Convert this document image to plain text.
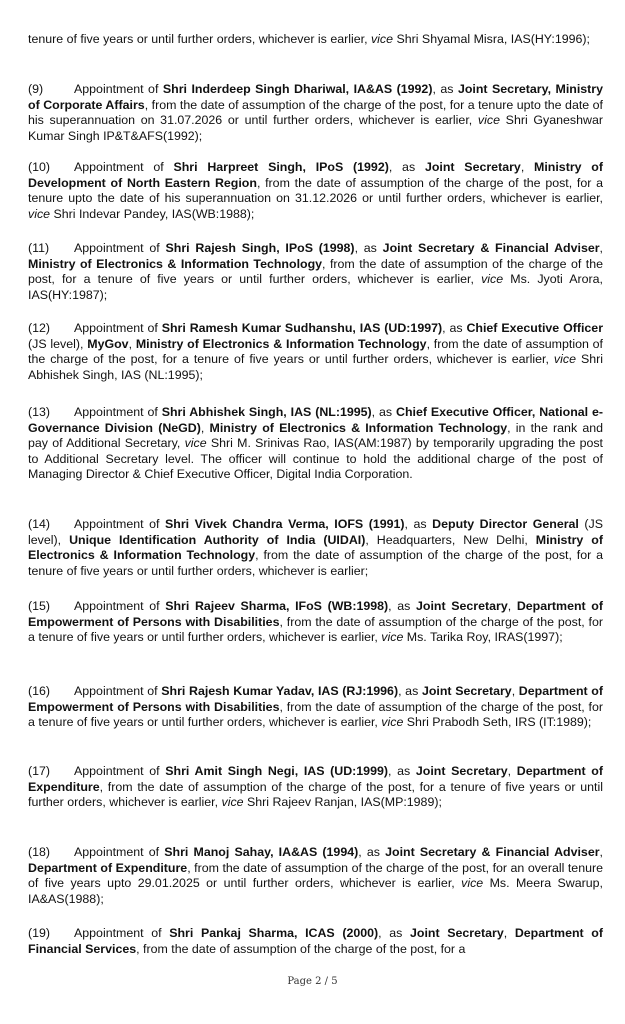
tenure of five years or until further orders, whichever is earlier, vice Shri Shyamal Misra, IAS(HY:1996);

(9) Appointment of Shri Inderdeep Singh Dhariwal, IA&AS (1992), as Joint Secretary, Ministry of Corporate Affairs, from the date of assumption of the charge of the post, for a tenure upto the date of his superannuation on 31.07.2026 or until further orders, whichever is earlier, vice Shri Gyaneshwar Kumar Singh IP&T&AFS(1992);

(10) Appointment of Shri Harpreet Singh, IPoS (1992), as Joint Secretary, Ministry of Development of North Eastern Region, from the date of assumption of the charge of the post, for a tenure upto the date of his superannuation on 31.12.2026 or until further orders, whichever is earlier, vice Shri Indevar Pandey, IAS(WB:1988);

(11) Appointment of Shri Rajesh Singh, IPoS (1998), as Joint Secretary & Financial Adviser, Ministry of Electronics & Information Technology, from the date of assumption of the charge of the post, for a tenure of five years or until further orders, whichever is earlier, vice Ms. Jyoti Arora, IAS(HY:1987);

(12) Appointment of Shri Ramesh Kumar Sudhanshu, IAS (UD:1997), as Chief Executive Officer (JS level), MyGov, Ministry of Electronics & Information Technology, from the date of assumption of the charge of the post, for a tenure of five years or until further orders, whichever is earlier, vice Shri Abhishek Singh, IAS (NL:1995);

(13) Appointment of Shri Abhishek Singh, IAS (NL:1995), as Chief Executive Officer, National e-Governance Division (NeGD), Ministry of Electronics & Information Technology, in the rank and pay of Additional Secretary, vice Shri M. Srinivas Rao, IAS(AM:1987) by temporarily upgrading the post to Additional Secretary level. The officer will continue to hold the additional charge of the post of Managing Director & Chief Executive Officer, Digital India Corporation.

(14) Appointment of Shri Vivek Chandra Verma, IOFS (1991), as Deputy Director General (JS level), Unique Identification Authority of India (UIDAI), Headquarters, New Delhi, Ministry of Electronics & Information Technology, from the date of assumption of the charge of the post, for a tenure of five years or until further orders, whichever is earlier;

(15) Appointment of Shri Rajeev Sharma, IFoS (WB:1998), as Joint Secretary, Department of Empowerment of Persons with Disabilities, from the date of assumption of the charge of the post, for a tenure of five years or until further orders, whichever is earlier, vice Ms. Tarika Roy, IRAS(1997);

(16) Appointment of Shri Rajesh Kumar Yadav, IAS (RJ:1996), as Joint Secretary, Department of Empowerment of Persons with Disabilities, from the date of assumption of the charge of the post, for a tenure of five years or until further orders, whichever is earlier, vice Shri Prabodh Seth, IRS (IT:1989);

(17) Appointment of Shri Amit Singh Negi, IAS (UD:1999), as Joint Secretary, Department of Expenditure, from the date of assumption of the charge of the post, for a tenure of five years or until further orders, whichever is earlier, vice Shri Rajeev Ranjan, IAS(MP:1989);

(18) Appointment of Shri Manoj Sahay, IA&AS (1994), as Joint Secretary & Financial Adviser, Department of Expenditure, from the date of assumption of the charge of the post, for an overall tenure of five years upto 29.01.2025 or until further orders, whichever is earlier, vice Ms. Meera Swarup, IA&AS(1988);

(19) Appointment of Shri Pankaj Sharma, ICAS (2000), as Joint Secretary, Department of Financial Services, from the date of assumption of the charge of the post, for a

Page 2 / 5
